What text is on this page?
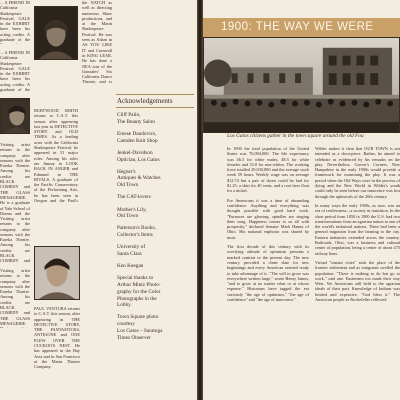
... A FRIEND IN California Shakespeare Festival. GALE in the EXHIBIT have been his acting credits. A graduate of the
the NATCH as well as directing numerous Shaw productions, and at the Marin Shakespeare Festival. He was seen as Adam in AS YOU LIKE IT and Cornwall in KING LEAR. He has done a NEA tour of the Gonzales' Six California Dance Theatre, and is
... A FRIEND IN California Shakespeare Festival. GALE in the EXHIBIT have been his acting credits. A graduate of the
BURTWOOD SMITH returns to C.A.T. this season after appearing last year in DETECTIVE STORY and OLD TIMES. As a leading actor with the California Shakespeare Festival, he appeared in 51 major roles. Among his roles are Jimmy in LOOK BACK IN ANGER and Edmund in THE RIVALS. A graduate of the Pacific Conservatory of the Performing Arts, he has been seen in Oregon and the Paul's
Visiting artist returns to the company after seasons with the Eureka Theatre. Among his credits are BLACK COMEDY and THE GLASS MENAGERIE. He is a graduate of Yale School of Drama and the
Visiting artist returns to the company after seasons with the Eureka Theatre. Among his credits are BLACK COMEDY and
Visiting artist returns to the company after seasons with the Eureka Theatre. Among his credits are BLACK COMEDY and THE GLASS MENAGERIE.
PAUL VENTURA returns to C.A.T. this season, after appearing in THE DETECTIVE STORY, THE FANTASTICKS, ANTIGONE and ONE FLEW OVER THE CUCKOO'S NEST. He has appeared in the Bay Area and in San Francisco at the Marin Theatre Company.
Acknowledgements
Cliff Palin,
The Beauty Salon
Emese Dandovics,
Camden Knit Shop
Jenkel-Davidson
Optician, Los Gatos
Hegner's
Antiques & Watches
Old Town
The CAT-lovers
Mother's Lily,
Old Town
Patterson's Books,
Collector's Items
University of
Santa Clara
Ken Keegan
Special thanks to
Arthur Mintz Photo-
graphy for the Color
Photographs in the
Lobby.
Town Square photo
courtesy
Los Gatos – Saratoga
Times Observer
1900: THE WAY WE WERE
Los Gatos citizens gather in the town square around the old Fou

In 1900 the total population of the United States was 76,094,000. The life expectancy was 46.3 for white males, 48.3 for white females and 33.0 for non-whites. The working force totalled 29,030,000 and the average work week 59 hours. Weekly wage was on average $12.74 but a pair of shoes could be had for $1.25, a shirt for 40 cents, and a root beer float for a nickel.

For Americans it was a time of abounding confidence. Anything and everything was thought possible with good hard work. "Furnaces are glowing, spindles are singing their song. Happiness comes to us all with prosperity," declared Senator Mark Hanna of Ohio. His national euphoria was shared by most.

The first decade of this century with its overlying attitude of optimism presents a marked contrast to the present day. The new century provided a clean slate for new beginnings and every American seemed ready to take advantage of it. "The will to grow was everywhere written large," wrote Henry James, "and to grow at no matter what or at whose expense." Historians have tagged the era variously "the age of optimism," "the age of confidence" and "the age of innocence."

Wilder makes it clear that OUR TOWN is not intended as a docu-piece. Rather, he aimed to celebrate as evidenced by his remarks on the play. Nevertheless, Grover's Corners, New Hampshire in the early 1900s would provide a framework for examining the play. It was a period when the Old Ways were in the process of dying and the New World in Wilder's youth could only be seen before our innocence was lost through the upheavals of the 20th century.

In many ways the early 1900s, as now, was an era of restlessness—a society in transition. In the short period from 1850 to 1900 the U.S. had two transformations from an agrarian nation to one of the world's industrial nations. There had been a general migration from the farming to the city. Eastern industries extended across the country. Railroads, Ohio, was a business and cultural center of population, being a center of about 475 railway lines.

Virtual "instant cities" took the place of the frontier settlement and as emigrants swelled the population: "There is nothing to do but go to work," said one. Easterners too made their way West. Yet Americans still held to the agrarian ideals of their past. Knowledge of Indians was limited and expensive. "God bless it." The American people as Rockefeller reflected.
